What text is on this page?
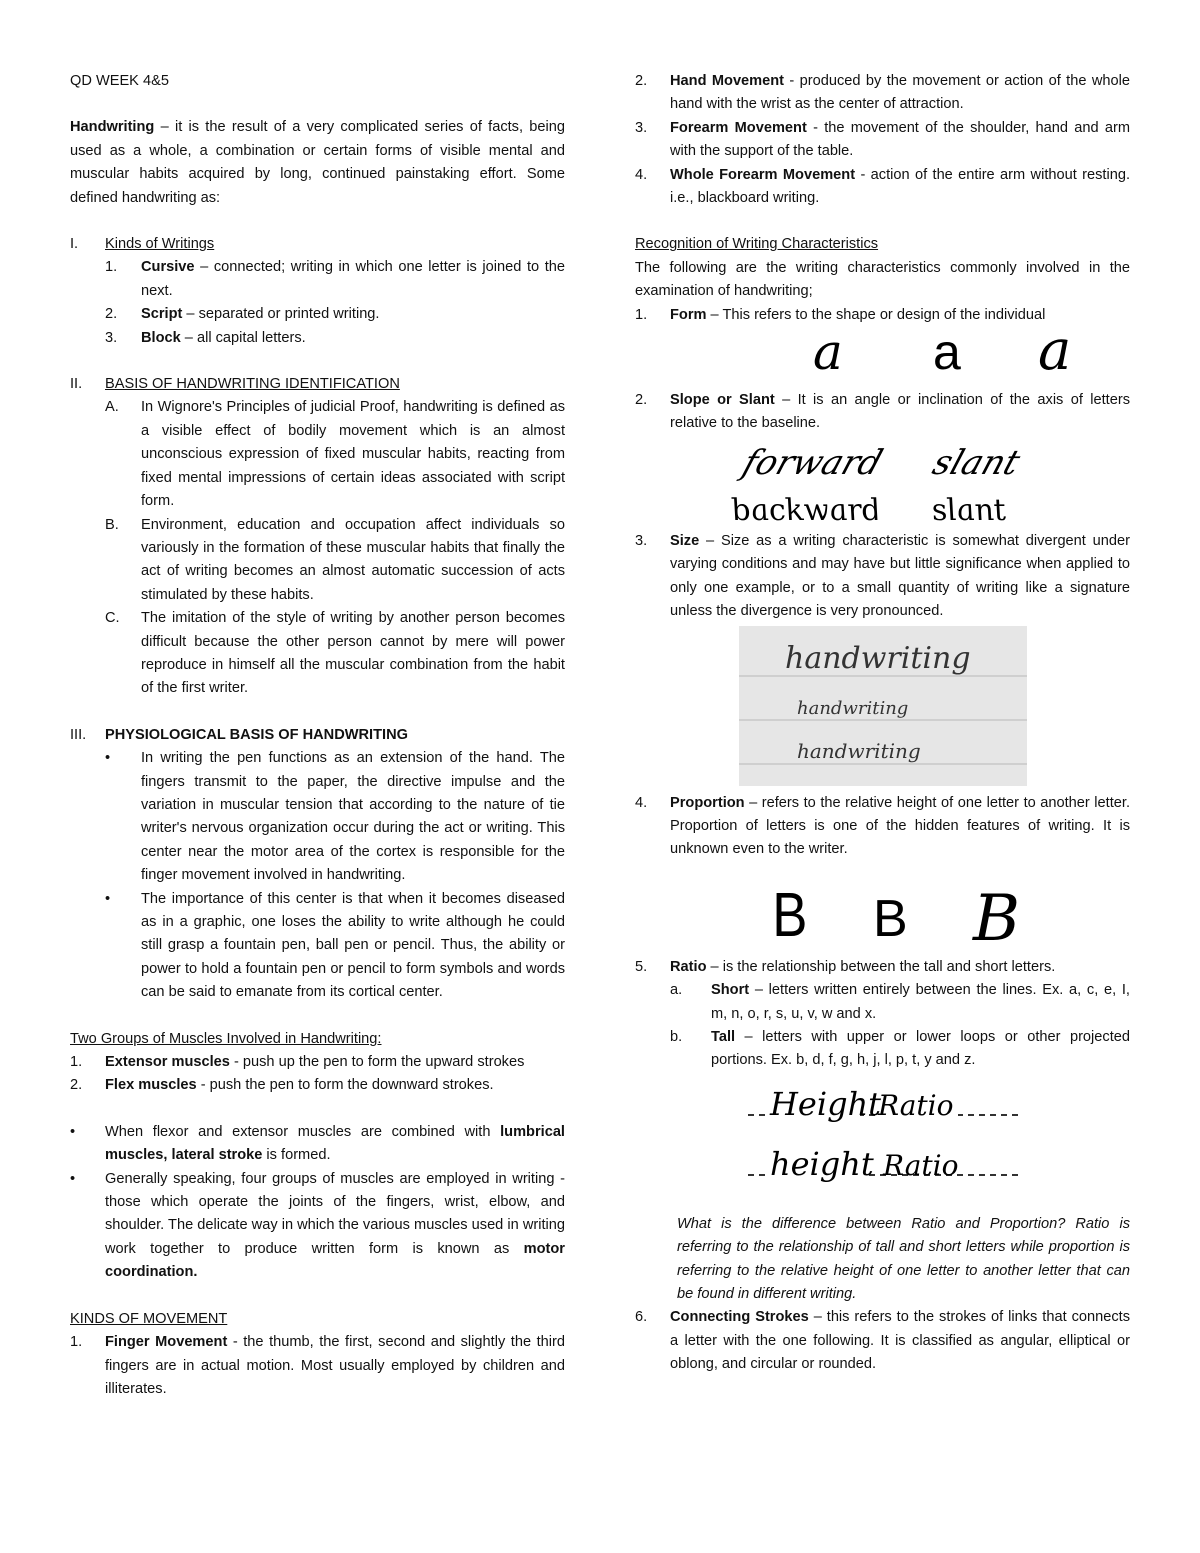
QD WEEK 4&5

Handwriting – it is the result of a very complicated series of facts, being used as a whole, a combination or certain forms of visible mental and muscular habits acquired by long, continued painstaking effort. Some defined handwriting as:

I.	Kinds of Writings
1.	Cursive – connected; writing in which one letter is joined to the next.
2.	Script – separated or printed writing.
3.	Block – all capital letters.
II.	BASIS OF HANDWRITING IDENTIFICATION
A.	In Wignore's Principles of judicial Proof, handwriting is defined as a visible effect of bodily movement which is an almost unconscious expression of fixed muscular habits, reacting from fixed mental impressions of certain ideas associated with script form.
B.	Environment, education and occupation affect individuals so variously in the formation of these muscular habits that finally the act of writing becomes an almost automatic succession of acts stimulated by these habits.
C.	The imitation of the style of writing by another person becomes difficult because the other person cannot by mere will power reproduce in himself all the muscular combination from the habit of the first writer.
III.	PHYSIOLOGICAL BASIS OF HANDWRITING
•	In writing the pen functions as an extension of the hand. The fingers transmit to the paper, the directive impulse and the variation in muscular tension that according to the nature of tie writer's nervous organization occur during the act or writing. This center near the motor area of the cortex is responsible for the finger movement involved in handwriting.
•	The importance of this center is that when it becomes diseased as in a graphic, one loses the ability to write although he could still grasp a fountain pen, ball pen or pencil. Thus, the ability or power to hold a fountain pen or pencil to form symbols and words can be said to emanate from its cortical center.

Two Groups of Muscles Involved in Handwriting:

1.	Extensor muscles - push up the pen to form the upward strokes
2.	Flex muscles - push the pen to form the downward strokes.
•	When flexor and extensor muscles are combined with lumbrical muscles, lateral stroke is formed.
•	Generally speaking, four groups of muscles are employed in writing - those which operate the joints of the fingers, wrist, elbow, and shoulder. The delicate way in which the various muscles used in writing work together to produce written form is known as motor coordination.

KINDS OF MOVEMENT

1.	Finger Movement - the thumb, the first, second and slightly the third fingers are in actual motion. Most usually employed by children and illiterates.
2.	Hand Movement - produced by the movement or action of the whole hand with the wrist as the center of attraction.
3.	Forearm Movement - the movement of the shoulder, hand and arm with the support of the table.
4.	Whole Forearm Movement - action of the entire arm without resting. i.e., blackboard writing.

Recognition of Writing Characteristics

The following are the writing characteristics commonly involved in the examination of handwriting;

1.	Form – This refers to the shape or design of the individual
a a a
2.	Slope or Slant – It is an angle or inclination of the axis of letters relative to the baseline.
forward slant
backward slant
3.	Size – Size as a writing characteristic is somewhat divergent under varying conditions and may have but little significance when applied to only one example, or to a small quantity of writing like a signature unless the divergence is very pronounced.
handwriting
handwriting
handwriting
4.	Proportion – refers to the relative height of one letter to another letter. Proportion of letters is one of the hidden features of writing. It is unknown even to the writer.
B B B
5.	Ratio – is the relationship between the tall and short letters.
a.	Short – letters written entirely between the lines. Ex. a, c, e, I, m, n, o, r, s, u, v, w and x.
b.	Tall – letters with upper or lower loops or other projected portions. Ex. b, d, f, g, h, j, l, p, t, y and z.
Height
Ratio
height Ratio

What is the difference between Ratio and Proportion? Ratio is referring to the relationship of tall and short letters while proportion is referring to the relative height of one letter to another letter that can be found in different writing.

6.	Connecting Strokes – this refers to the strokes of links that connects a letter with the one following. It is classified as angular, elliptical or oblong, and circular or rounded.
